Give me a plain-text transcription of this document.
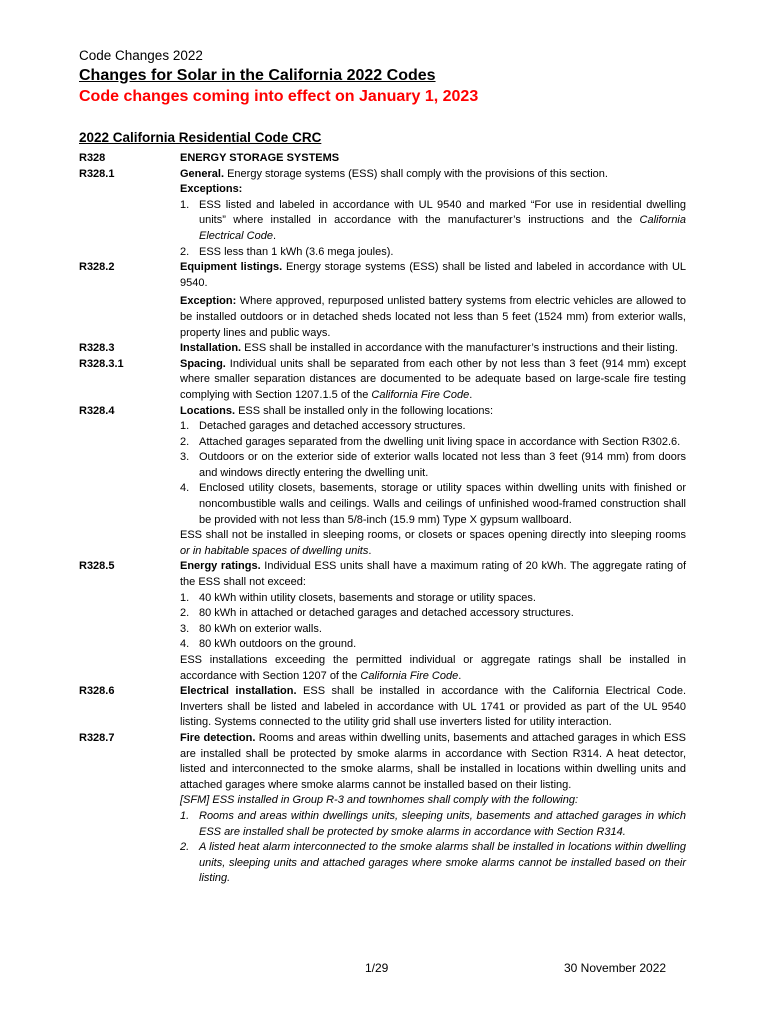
Code Changes 2022
Changes for Solar in the California 2022 Codes
Code changes coming into effect on January 1, 2023
2022 California Residential Code CRC
R328	ENERGY STORAGE SYSTEMS
R328.1	General. Energy storage systems (ESS) shall comply with the provisions of this section.
Exceptions:
1. ESS listed and labeled in accordance with UL 9540 and marked “For use in residential dwelling units” where installed in accordance with the manufacturer’s instructions and the California Electrical Code.
2. ESS less than 1 kWh (3.6 mega joules).
R328.2	Equipment listings. Energy storage systems (ESS) shall be listed and labeled in accordance with UL 9540.
Exception: Where approved, repurposed unlisted battery systems from electric vehicles are allowed to be installed outdoors or in detached sheds located not less than 5 feet (1524 mm) from exterior walls, property lines and public ways.
R328.3	Installation. ESS shall be installed in accordance with the manufacturer’s instructions and their listing.
R328.3.1	Spacing. Individual units shall be separated from each other by not less than 3 feet (914 mm) except where smaller separation distances are documented to be adequate based on large-scale fire testing complying with Section 1207.1.5 of the California Fire Code.
R328.4	Locations. ESS shall be installed only in the following locations:
1. Detached garages and detached accessory structures.
2. Attached garages separated from the dwelling unit living space in accordance with Section R302.6.
3. Outdoors or on the exterior side of exterior walls located not less than 3 feet (914 mm) from doors and windows directly entering the dwelling unit.
4. Enclosed utility closets, basements, storage or utility spaces within dwelling units with finished or noncombustible walls and ceilings. Walls and ceilings of unfinished wood-framed construction shall be provided with not less than 5/8-inch (15.9 mm) Type X gypsum wallboard.
ESS shall not be installed in sleeping rooms, or closets or spaces opening directly into sleeping rooms or in habitable spaces of dwelling units.
R328.5	Energy ratings. Individual ESS units shall have a maximum rating of 20 kWh. The aggregate rating of the ESS shall not exceed:
1. 40 kWh within utility closets, basements and storage or utility spaces.
2. 80 kWh in attached or detached garages and detached accessory structures.
3. 80 kWh on exterior walls.
4. 80 kWh outdoors on the ground.
ESS installations exceeding the permitted individual or aggregate ratings shall be installed in accordance with Section 1207 of the California Fire Code.
R328.6	Electrical installation. ESS shall be installed in accordance with the California Electrical Code. Inverters shall be listed and labeled in accordance with UL 1741 or provided as part of the UL 9540 listing. Systems connected to the utility grid shall use inverters listed for utility interaction.
R328.7	Fire detection. Rooms and areas within dwelling units, basements and attached garages in which ESS are installed shall be protected by smoke alarms in accordance with Section R314. A heat detector, listed and interconnected to the smoke alarms, shall be installed in locations within dwelling units and attached garages where smoke alarms cannot be installed based on their listing.
[SFM] ESS installed in Group R-3 and townhomes shall comply with the following:
1. Rooms and areas within dwellings units, sleeping units, basements and attached garages in which ESS are installed shall be protected by smoke alarms in accordance with Section R314.
2. A listed heat alarm interconnected to the smoke alarms shall be installed in locations within dwelling units, sleeping units and attached garages where smoke alarms cannot be installed based on their listing.
1/29	30 November 2022
